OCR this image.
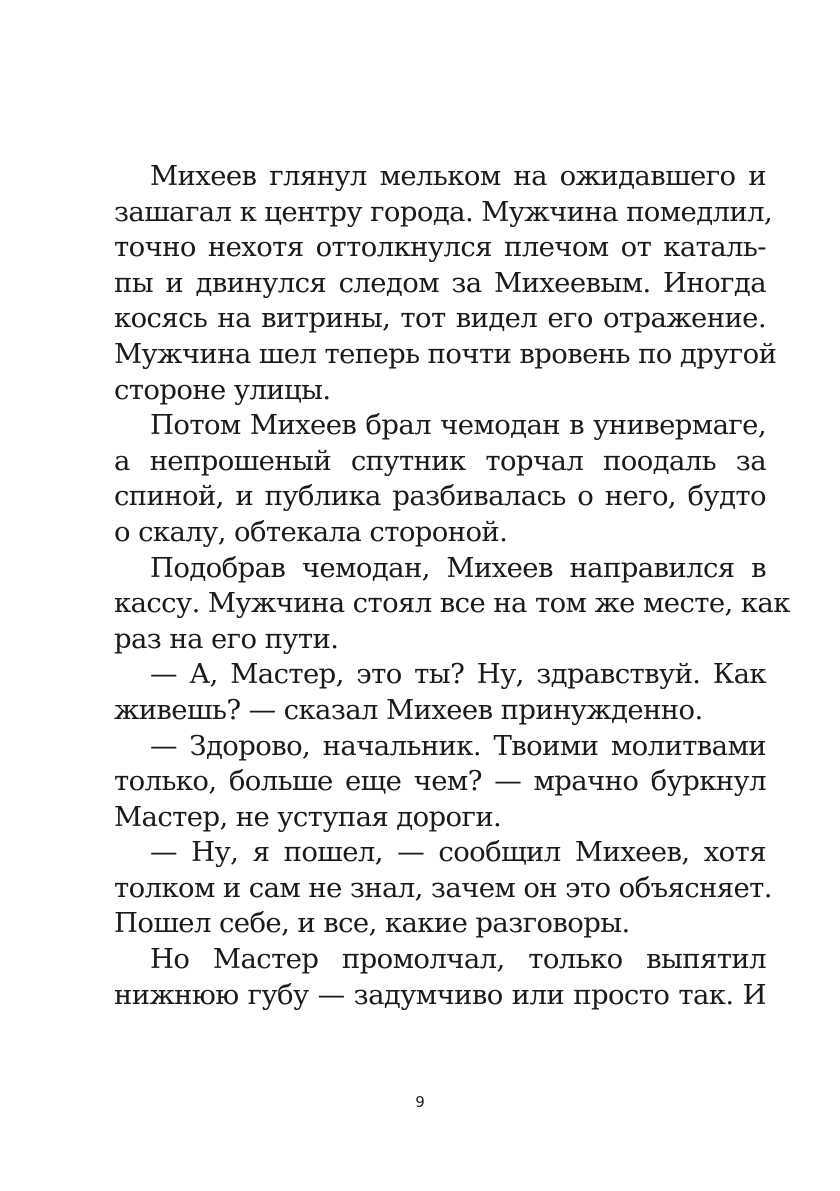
Михеев глянул мельком на ожидавшего и
зашагал к центру города. Мужчина помедлил,
точно нехотя оттолкнулся плечом от каталь-
пы и двинулся следом за Михеевым. Иногда
косясь на витрины, тот видел его отражение.
Мужчина шел теперь почти вровень по другой
стороне улицы.
Потом Михеев брал чемодан в универмаге,
а непрошеный спутник торчал поодаль за
спиной, и публика разбивалась о него, будто
о скалу, обтекала стороной.
Подобрав чемодан, Михеев направился в
кассу. Мужчина стоял все на том же месте, как
раз на его пути.
— А, Мастер, это ты? Ну, здравствуй. Как
живешь? — сказал Михеев принужденно.
— Здорово, начальник. Твоими молитвами
только, больше еще чем? — мрачно буркнул
Мастер, не уступая дороги.
— Ну, я пошел, — сообщил Михеев, хотя
толком и сам не знал, зачем он это объясняет.
Пошел себе, и все, какие разговоры.
Но Мастер промолчал, только выпятил
нижнюю губу — задумчиво или просто так. И
9
